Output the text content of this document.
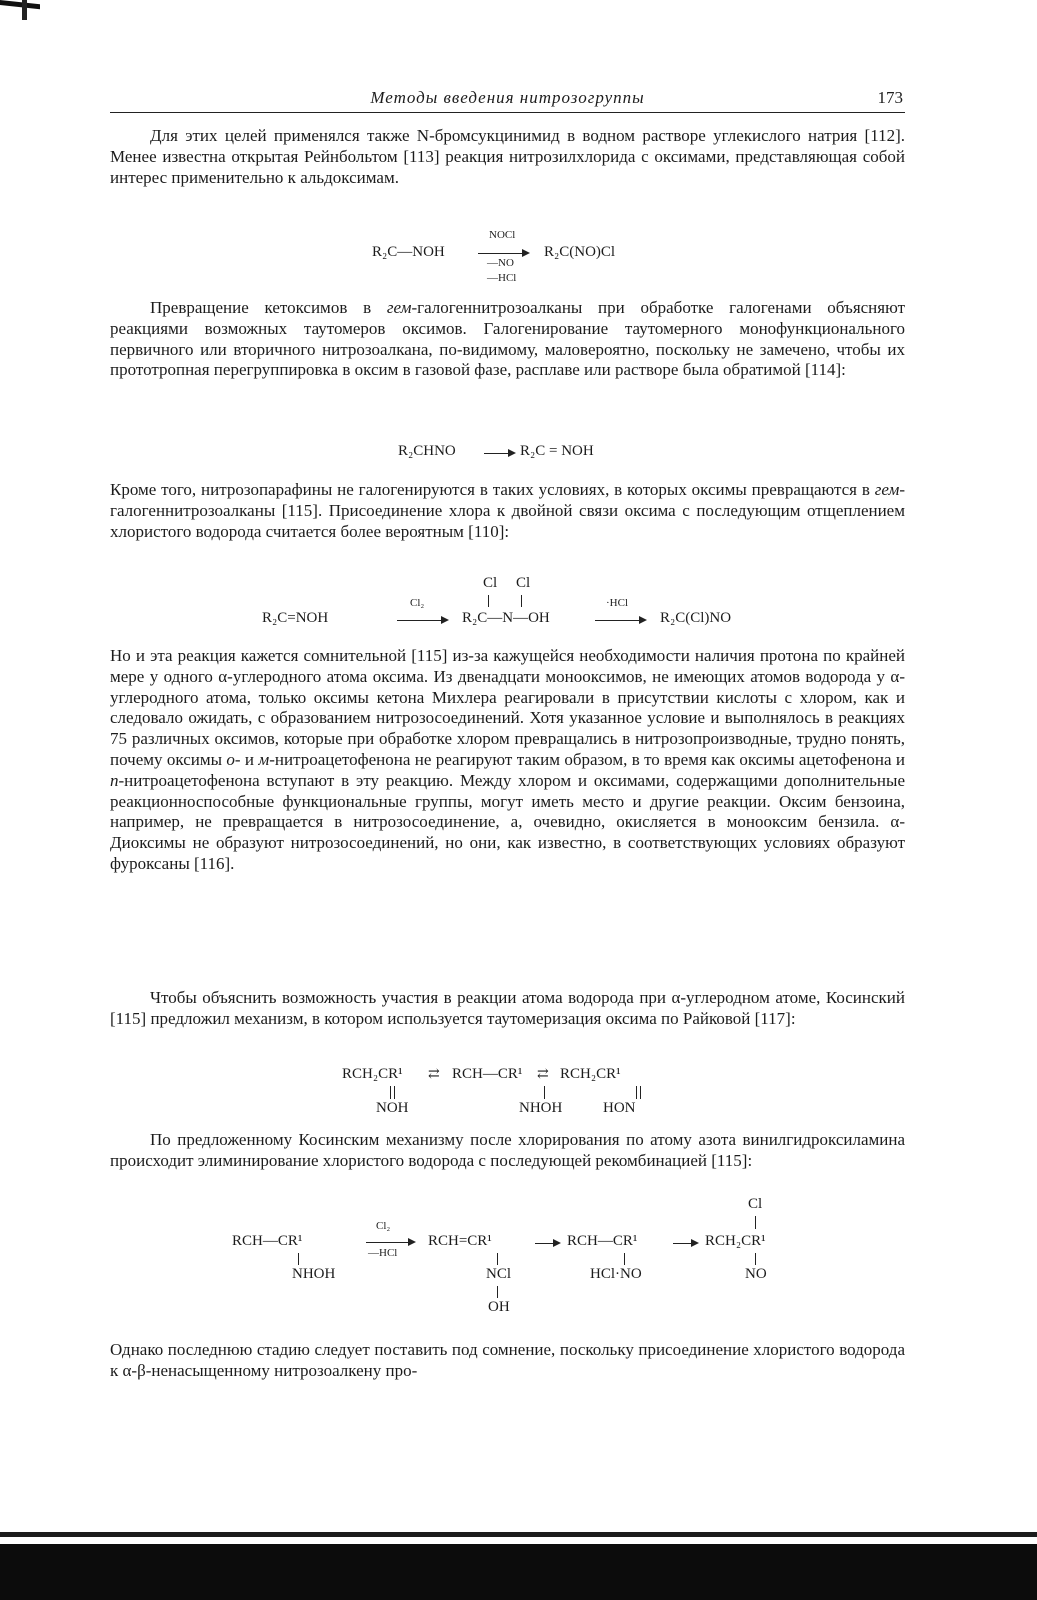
Методы введения нитрозогруппы	173
Для этих целей применялся также N-бромсукцинимид в водном растворе углекислого натрия [112]. Менее известна открытая Рейнбольтом [113] реакция нитрозилхлорида с оксимами, представляющая собой интерес применительно к альдоксимам.
R₂C—NOH
NOCl
—NO
—HCl
R₂C(NO)Cl
Превращение кетоксимов в гем-галогеннитрозоалканы при обработке галогенами объясняют реакциями возможных таутомеров оксимов. Галогенирование таутомерного монофункционального первичного или вторичного нитрозоалкана, по-видимому, маловероятно, поскольку не замечено, чтобы их прототропная перегруппировка в оксим в газовой фазе, расплаве или растворе была обратимой [114]:
R₂CHNO	R₂C = NOH
Кроме того, нитрозопарафины не галогенируются в таких условиях, в которых оксимы превращаются в гем-галогеннитрозоалканы [115]. Присоединение хлора к двойной связи оксима с последующим отщеплением хлористого водорода считается более вероятным [110]:
Cl Cl
R₂C=NOH
Cl₂
R₂C—N—OH
·HCl
R₂C(Cl)NO
Но и эта реакция кажется сомнительной [115] из-за кажущейся необходимости наличия протона по крайней мере у одного α-углеродного атома оксима. Из двенадцати монооксимов, не имеющих атомов водорода у α-углеродного атома, только оксимы кетона Михлера реагировали в присутствии кислоты с хлором, как и следовало ожидать, с образованием нитрозосоединений. Хотя указанное условие и выполнялось в реакциях 75 различных оксимов, которые при обработке хлором превращались в нитрозопроизводные, трудно понять, почему оксимы о- и м-нитроацетофенона не реагируют таким образом, в то время как оксимы ацетофенона и n-нитроацетофенона вступают в эту реакцию. Между хлором и оксимами, содержащими дополнительные реакционноспособные функциональные группы, могут иметь место и другие реакции. Оксим бензоина, например, не превращается в нитрозосоединение, а, очевидно, окисляется в монооксим бензила. α-Диоксимы не образуют нитрозосоединений, но они, как известно, в соответствующих условиях образуют фуроксаны [116].
Чтобы объяснить возможность участия в реакции атома водорода при α-углеродном атоме, Косинский [115] предложил механизм, в котором используется таутомеризация оксима по Райковой [117]:
RCH₂CR¹ ⇄ RCH—CR¹ ⇄ RCH₂CR¹
NOH	NHOH	HON
По предложенному Косинским механизму после хлорирования по атому азота винилгидроксиламина происходит элиминирование хлористого водорода с последующей рекомбинацией [115]:
Cl
RCH—CR¹
NHOH
Cl₂
—HCl
RCH=CR¹
NCl
OH
RCH—CR¹
HCl·NO
RCH₂CR¹
NO
Однако последнюю стадию следует поставить под сомнение, поскольку присоединение хлористого водорода к α-β-ненасыщенному нитрозоалкену про-
